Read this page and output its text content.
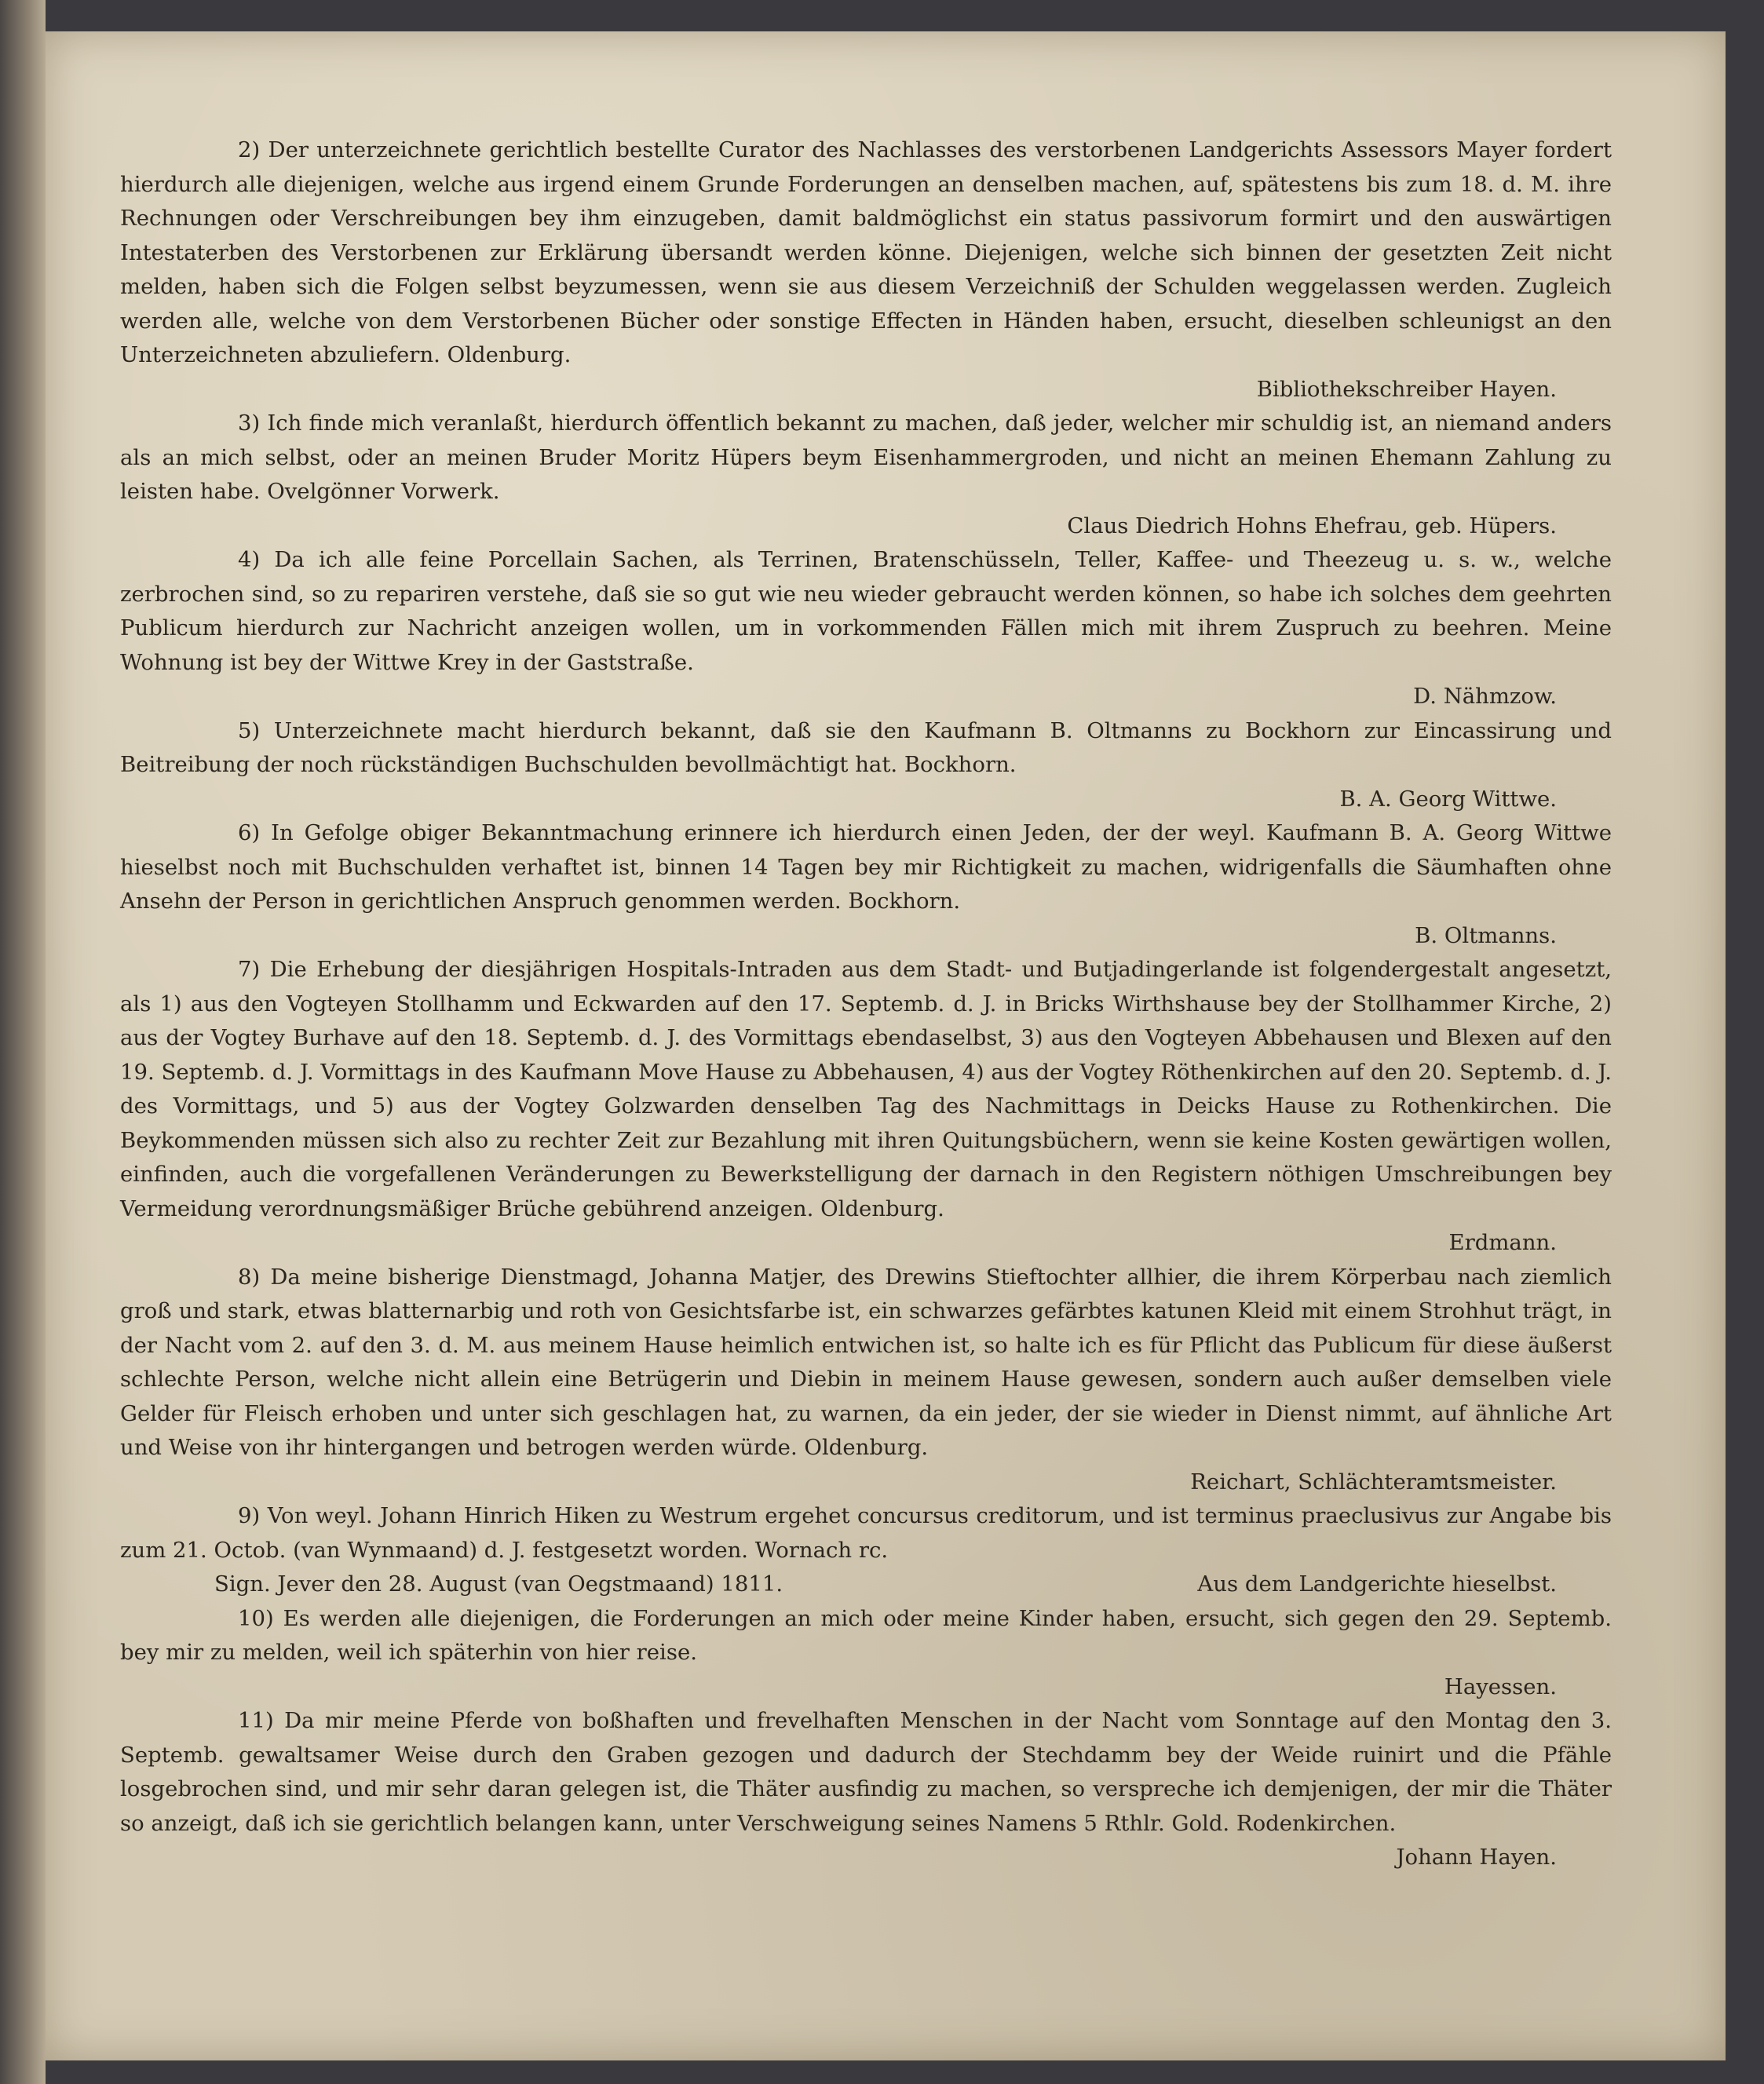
2) Der unterzeichnete gerichtlich bestellte Curator des Nachlasses des verstorbenen Landgerichts Assessors Mayer fordert hierdurch alle diejenigen, welche aus irgend einem Grunde Forderungen an denselben machen, auf, spätestens bis zum 18. d. M. ihre Rechnungen oder Verschreibungen bey ihm einzugeben, damit baldmöglichst ein status passivorum formirt und den auswärtigen Intestaterben des Verstorbenen zur Erklärung übersandt werden könne. Diejenigen, welche sich binnen der gesetzten Zeit nicht melden, haben sich die Folgen selbst beyzumessen, wenn sie aus diesem Verzeichniß der Schulden weggelassen werden. Zugleich werden alle, welche von dem Verstorbenen Bücher oder sonstige Effecten in Händen haben, ersucht, dieselben schleunigst an den Unterzeichneten abzuliefern. Oldenburg.

Bibliothekschreiber Hayen.

3) Ich finde mich veranlaßt, hierdurch öffentlich bekannt zu machen, daß jeder, welcher mir schuldig ist, an niemand anders als an mich selbst, oder an meinen Bruder Moritz Hüpers beym Eisenhammergroden, und nicht an meinen Ehemann Zahlung zu leisten habe. Ovelgönner Vorwerk.

Claus Diedrich Hohns Ehefrau, geb. Hüpers.

4) Da ich alle feine Porcellain Sachen, als Terrinen, Bratenschüsseln, Teller, Kaffee- und Theezeug u. s. w., welche zerbrochen sind, so zu repariren verstehe, daß sie so gut wie neu wieder gebraucht werden können, so habe ich solches dem geehrten Publicum hierdurch zur Nachricht anzeigen wollen, um in vorkommenden Fällen mich mit ihrem Zuspruch zu beehren. Meine Wohnung ist bey der Wittwe Krey in der Gaststraße.

D. Nähmzow.

5) Unterzeichnete macht hierdurch bekannt, daß sie den Kaufmann B. Oltmanns zu Bockhorn zur Eincassirung und Beitreibung der noch rückständigen Buchschulden bevollmächtigt hat. Bockhorn.

B. A. Georg Wittwe.

6) In Gefolge obiger Bekanntmachung erinnere ich hierdurch einen Jeden, der der weyl. Kaufmann B. A. Georg Wittwe hieselbst noch mit Buchschulden verhaftet ist, binnen 14 Tagen bey mir Richtigkeit zu machen, widrigenfalls die Säumhaften ohne Ansehn der Person in gerichtlichen Anspruch genommen werden. Bockhorn.

B. Oltmanns.

7) Die Erhebung der diesjährigen Hospitals-Intraden aus dem Stadt- und Butjadingerlande ist folgendergestalt angesetzt, als 1) aus den Vogteyen Stollhamm und Eckwarden auf den 17. Septemb. d. J. in Bricks Wirthshause bey der Stollhammer Kirche, 2) aus der Vogtey Burhave auf den 18. Septemb. d. J. des Vormittags ebendaselbst, 3) aus den Vogteyen Abbehausen und Blexen auf den 19. Septemb. d. J. Vormittags in des Kaufmann Move Hause zu Abbehausen, 4) aus der Vogtey Röthenkirchen auf den 20. Septemb. d. J. des Vormittags, und 5) aus der Vogtey Golzwarden denselben Tag des Nachmittags in Deicks Hause zu Rothenkirchen. Die Beykommenden müssen sich also zu rechter Zeit zur Bezahlung mit ihren Quitungsbüchern, wenn sie keine Kosten gewärtigen wollen, einfinden, auch die vorgefallenen Veränderungen zu Bewerkstelligung der darnach in den Registern nöthigen Umschreibungen bey Vermeidung verordnungsmäßiger Brüche gebührend anzeigen. Oldenburg.

Erdmann.

8) Da meine bisherige Dienstmagd, Johanna Matjer, des Drewins Stieftochter allhier, die ihrem Körperbau nach ziemlich groß und stark, etwas blatternarbig und roth von Gesichtsfarbe ist, ein schwarzes gefärbtes katunen Kleid mit einem Strohhut trägt, in der Nacht vom 2. auf den 3. d. M. aus meinem Hause heimlich entwichen ist, so halte ich es für Pflicht das Publicum für diese äußerst schlechte Person, welche nicht allein eine Betrügerin und Diebin in meinem Hause gewesen, sondern auch außer demselben viele Gelder für Fleisch erhoben und unter sich geschlagen hat, zu warnen, da ein jeder, der sie wieder in Dienst nimmt, auf ähnliche Art und Weise von ihr hintergangen und betrogen werden würde. Oldenburg.

Reichart, Schlächteramtsmeister.

9) Von weyl. Johann Hinrich Hiken zu Westrum ergehet concursus creditorum, und ist terminus praeclusivus zur Angabe bis zum 21. Octob. (van Wynmaand) d. J. festgesetzt worden. Wornach rc.

Sign. Jever den 28. August (van Oegstmaand) 1811.	Aus dem Landgerichte hieselbst.

10) Es werden alle diejenigen, die Forderungen an mich oder meine Kinder haben, ersucht, sich gegen den 29. Septemb. bey mir zu melden, weil ich späterhin von hier reise.

Hayessen.

11) Da mir meine Pferde von boßhaften und frevelhaften Menschen in der Nacht vom Sonntage auf den Montag den 3. Septemb. gewaltsamer Weise durch den Graben gezogen und dadurch der Stechdamm bey der Weide ruinirt und die Pfähle losgebrochen sind, und mir sehr daran gelegen ist, die Thäter ausfindig zu machen, so verspreche ich demjenigen, der mir die Thäter so anzeigt, daß ich sie gerichtlich belangen kann, unter Verschweigung seines Namens 5 Rthlr. Gold. Rodenkirchen.

Johann Hayen.
